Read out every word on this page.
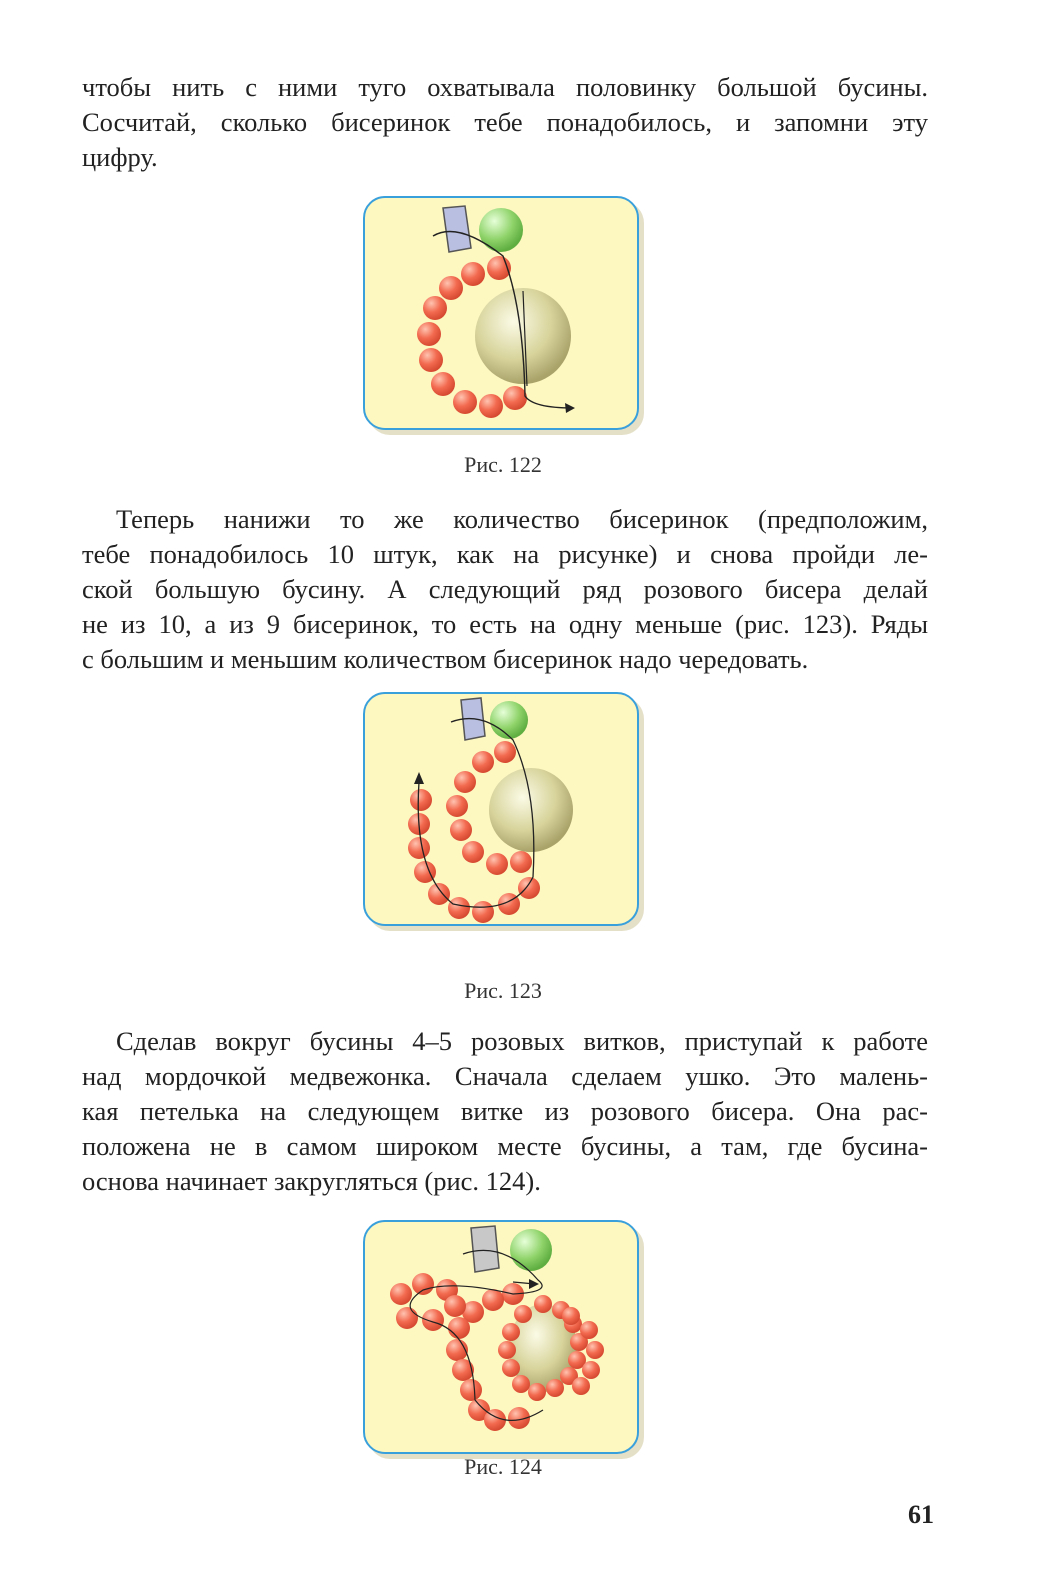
чтобы нить с ними туго охватывала половинку большой бусины.
Сосчитай, сколько бисеринок тебе понадобилось, и запомни эту
цифру.
Рис. 122
Теперь нанижи то же количество бисеринок (предположим,
тебе понадобилось 10 штук, как на рисунке) и снова пройди ле-
ской большую бусину. А следующий ряд розового бисера делай
не из 10, а из 9 бисеринок, то есть на одну меньше (рис. 123). Ряды
с большим и меньшим количеством бисеринок надо чередовать.
Рис. 123
Сделав вокруг бусины 4–5 розовых витков, приступай к работе
над мордочкой медвежонка. Сначала сделаем ушко. Это малень-
кая петелька на следующем витке из розового бисера. Она рас-
положена не в самом широком месте бусины, а там, где бусина-
основа начинает закругляться (рис. 124).
Рис. 124
61
